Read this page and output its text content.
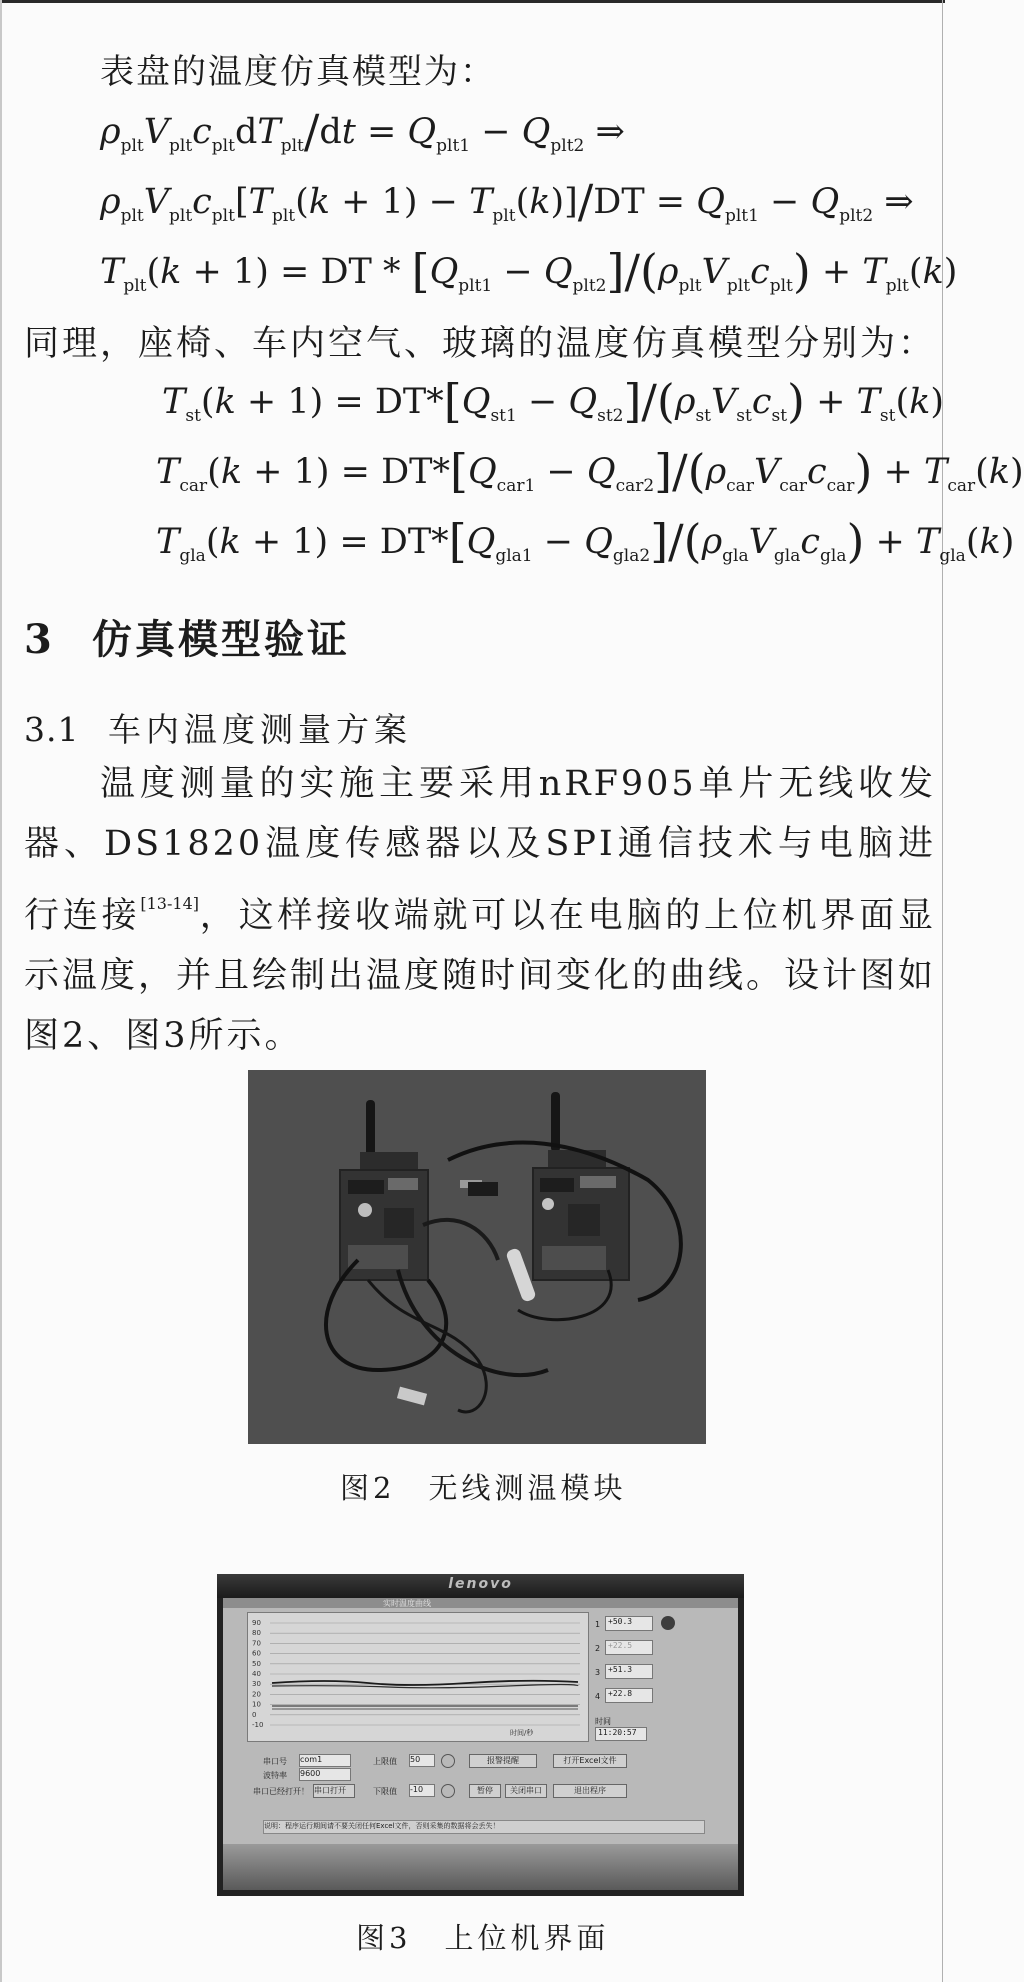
表盘的温度仿真模型为：
$\rho_{plt}V_{plt}c_{plt}dT_{plt}/dt = Q_{plt1} - Q_{plt2}$ ⇒
$\rho_{plt}V_{plt}c_{plt}[T_{plt}(k + 1) - T_{plt}(k)]/DT = Q_{plt1} - Q_{plt2}$ ⇒
$T_{plt}(k + 1)$ = DT * $[Q_{plt1} - Q_{plt2}]/(\rho_{plt}V_{plt}c_{plt}) + T_{plt}(k)$
同理，座椅、车内空气、玻璃的温度仿真模型分别为：
$T_{st}(k + 1) = DT*[Q_{st1} - Q_{st2}]/(\rho_{st}V_{st}c_{st}) + T_{st}(k)$
$T_{car}(k + 1) = DT*[Q_{car1} - Q_{car2}]/(\rho_{car}V_{car}c_{car}) + T_{car}(k)$
$T_{gla}(k + 1) = DT*[Q_{gla1} - Q_{gla2}]/(\rho_{gla}V_{gla}c_{gla}) + T_{gla}(k)$
3 仿真模型验证
3.1 车内温度测量方案
温度测量的实施主要采用nRF905单片无线收发器、DS1820温度传感器以及SPI通信技术与电脑进行连接[13-14]，这样接收端就可以在电脑的上位机界面显示温度，并且绘制出温度随时间变化的曲线。设计图如图2、图3所示。
图2　无线测温模块
lenovo
实时温度曲线
90
80
70
60
50
40
30
20
10
0
-10
时间/秒
1 +50.3
2 +22.5
3 +51.3
4 +22.8
时间
11:20:57
串口号 com1
波特率 9600
串口已经打开！ 串口打开
上限值 50
下限值 -10
报警提醒	打开Excel文件
暂停	关闭串口	退出程序
说明：程序运行期间请不要关闭任何Excel文件，否则采集的数据将会丢失！
图3　上位机界面
